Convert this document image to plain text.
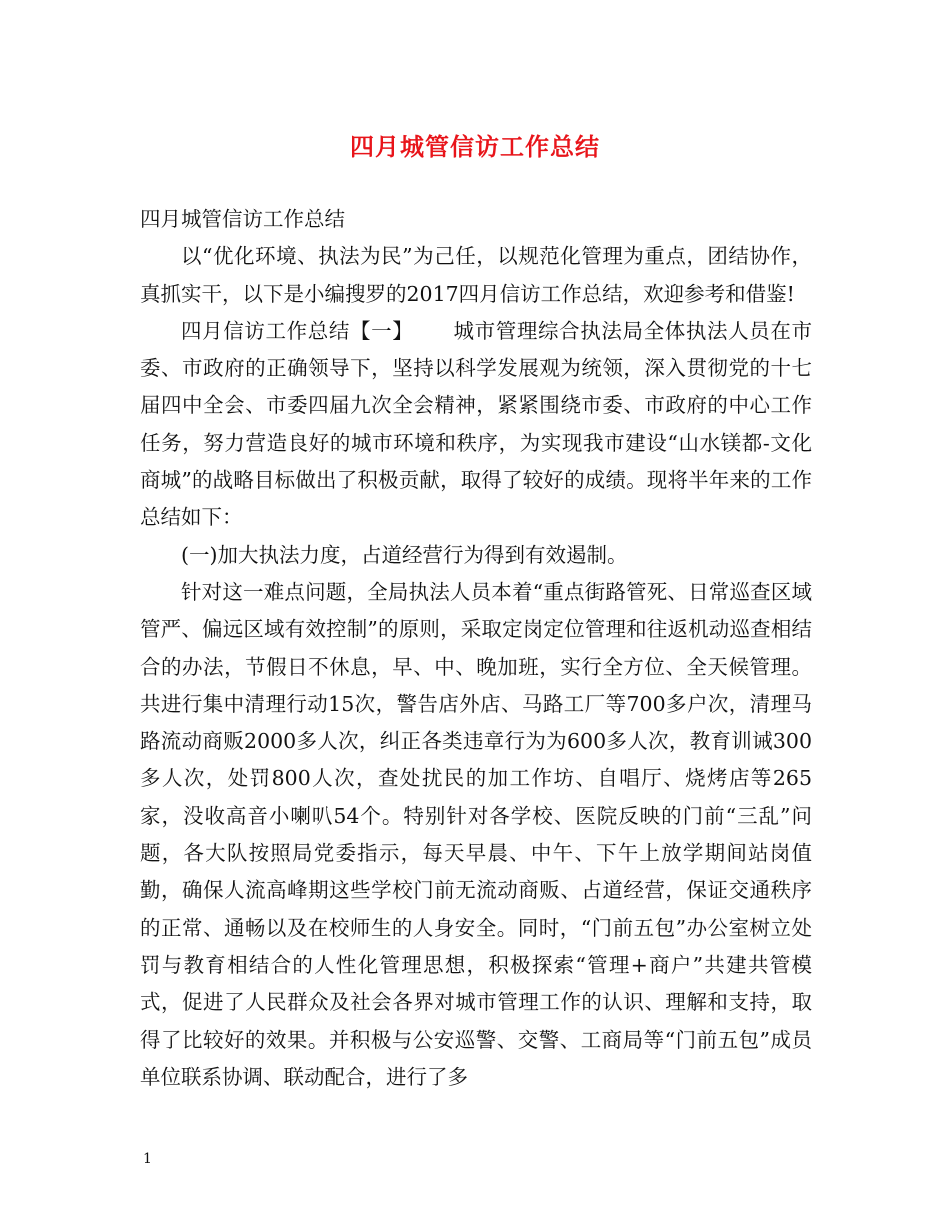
四月城管信访工作总结

四月城管信访工作总结

以“优化环境、执法为民”为己任，以规范化管理为重点，团结协作，真抓实干，以下是小编搜罗的2017四月信访工作总结，欢迎参考和借鉴!

四月信访工作总结【一】 城市管理综合执法局全体执法人员在市委、市政府的正确领导下，坚持以科学发展观为统领，深入贯彻党的十七届四中全会、市委四届九次全会精神，紧紧围绕市委、市政府的中心工作任务，努力营造良好的城市环境和秩序，为实现我市建设“山水镁都-文化商城”的战略目标做出了积极贡献，取得了较好的成绩。现将半年来的工作总结如下：

(一)加大执法力度，占道经营行为得到有效遏制。

针对这一难点问题，全局执法人员本着“重点街路管死、日常巡查区域管严、偏远区域有效控制”的原则，采取定岗定位管理和往返机动巡查相结合的办法，节假日不休息，早、中、晚加班，实行全方位、全天候管理。共进行集中清理行动15次，警告店外店、马路工厂等700多户次，清理马路流动商贩2000多人次，纠正各类违章行为为600多人次，教育训诫300多人次，处罚800人次，查处扰民的加工作坊、自唱厅、烧烤店等265家，没收高音小喇叭54个。特别针对各学校、医院反映的门前“三乱”问题，各大队按照局党委指示，每天早晨、中午、下午上放学期间站岗值勤，确保人流高峰期这些学校门前无流动商贩、占道经营，保证交通秩序的正常、通畅以及在校师生的人身安全。同时，“门前五包”办公室树立处罚与教育相结合的人性化管理思想，积极探索“管理+商户”共建共管模式，促进了人民群众及社会各界对城市管理工作的认识、理解和支持，取得了比较好的效果。并积极与公安巡警、交警、工商局等“门前五包”成员单位联系协调、联动配合，进行了多

1
